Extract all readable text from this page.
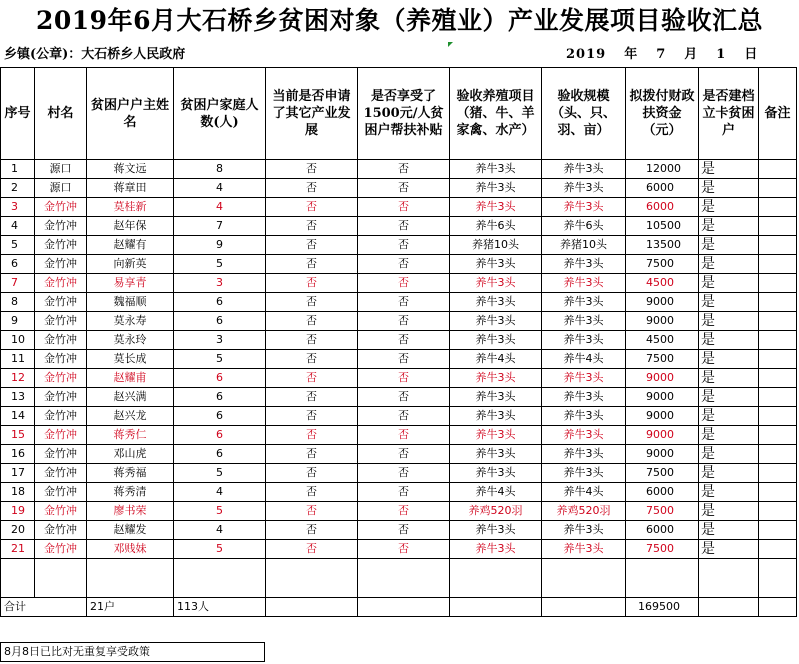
2019年6月大石桥乡贫困对象（养殖业）产业发展项目验收汇总
乡镇(公章)：大石桥乡人民政府	2019 年 7 月 1 日
序号	村名	贫困户户主姓名	贫困户家庭人数(人)	当前是否申请了其它产业发展	是否享受了1500元/人贫困户帮扶补贴	验收养殖项目（猪、牛、羊家禽、水产）	验收规模（头、只、羽、亩）	拟拨付财政扶资金（元）	是否建档立卡贫困户	备注
1	源口	蒋文远	8	否	否	养牛3头	养牛3头	12000	是	
2	源口	蒋章田	4	否	否	养牛3头	养牛3头	6000	是	
3	金竹冲	莫桂新	4	否	否	养牛3头	养牛3头	6000	是	
4	金竹冲	赵年保	7	否	否	养牛6头	养牛6头	10500	是	
5	金竹冲	赵耀有	9	否	否	养猪10头	养猪10头	13500	是	
6	金竹冲	向新英	5	否	否	养牛3头	养牛3头	7500	是	
7	金竹冲	易享青	3	否	否	养牛3头	养牛3头	4500	是	
8	金竹冲	魏福顺	6	否	否	养牛3头	养牛3头	9000	是	
9	金竹冲	莫永寿	6	否	否	养牛3头	养牛3头	9000	是	
10	金竹冲	莫永玲	3	否	否	养牛3头	养牛3头	4500	是	
11	金竹冲	莫长成	5	否	否	养牛4头	养牛4头	7500	是	
12	金竹冲	赵耀甫	6	否	否	养牛3头	养牛3头	9000	是	
13	金竹冲	赵兴满	6	否	否	养牛3头	养牛3头	9000	是	
14	金竹冲	赵兴龙	6	否	否	养牛3头	养牛3头	9000	是	
15	金竹冲	蒋秀仁	6	否	否	养牛3头	养牛3头	9000	是	
16	金竹冲	邓山虎	6	否	否	养牛3头	养牛3头	9000	是	
17	金竹冲	蒋秀福	5	否	否	养牛3头	养牛3头	7500	是	
18	金竹冲	蒋秀清	4	否	否	养牛4头	养牛4头	6000	是	
19	金竹冲	廖书荣	5	否	否	养鸡520羽	养鸡520羽	7500	是	
20	金竹冲	赵耀发	4	否	否	养牛3头	养牛3头	6000	是	
21	金竹冲	邓贱妹	5	否	否	养牛3头	养牛3头	7500	是	

合计		21户	113人					169500		
8月8日已比对无重复享受政策
